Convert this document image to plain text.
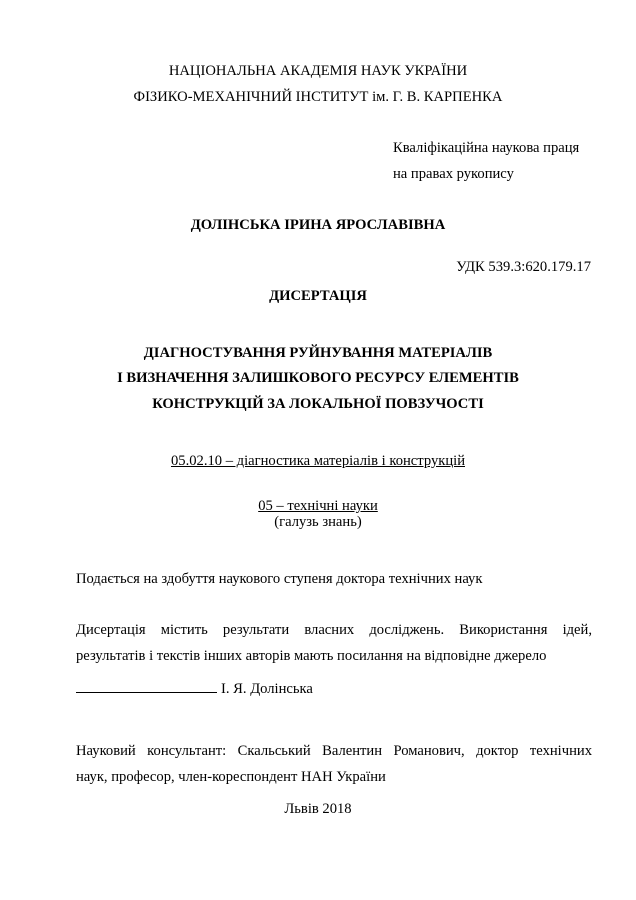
НАЦІОНАЛЬНА АКАДЕМІЯ НАУК УКРАЇНИ
ФІЗИКО-МЕХАНІЧНИЙ ІНСТИТУТ ім. Г. В. КАРПЕНКА
Кваліфікаційна наукова праця
на правах рукопису
ДОЛІНСЬКА ІРИНА ЯРОСЛАВІВНА
УДК 539.3:620.179.17
ДИСЕРТАЦІЯ
ДІАГНОСТУВАННЯ РУЙНУВАННЯ МАТЕРІАЛІВ
І ВИЗНАЧЕННЯ ЗАЛИШКОВОГО РЕСУРСУ ЕЛЕМЕНТІВ
КОНСТРУКЦІЙ ЗА ЛОКАЛЬНОЇ ПОВЗУЧОСТІ
05.02.10 – діагностика матеріалів і конструкцій
05 – технічні науки
(галузь знань)
Подається на здобуття наукового ступеня доктора технічних наук
Дисертація містить результати власних досліджень. Використання ідей,
результатів і текстів інших авторів мають посилання на відповідне джерело
І. Я. Долінська
Науковий консультант: Скальський Валентин Романович, доктор технічних
наук, професор, член-кореспондент НАН України
Львів 2018
